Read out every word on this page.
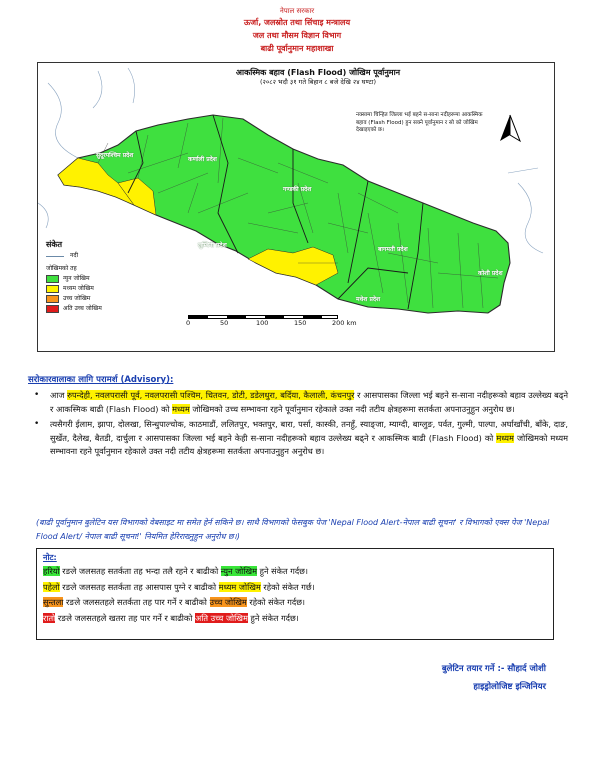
नेपाल सरकार
ऊर्जा, जलस्रोत तथा सिंचाइ मन्त्रालय
जल तथा मौसम विज्ञान विभाग
बाढी पूर्वानुमान महाशाखा
आकस्मिक बहाव (Flash Flood) जोखिम पूर्वानुमान
(२०८२ भदौ ३१ गते बिहान ८ बजे देखि २४ घण्टा)
नक्सामा चिन्हित जिल्ला भई बहने स-साना नदीहरूमा आकस्मिक बहाव (Flash Flood) हुन सक्ने पूर्वानुमान र सो को जोखिम देखाइएको छ।
सुदूरपश्चिम प्रदेश
कर्णाली प्रदेश
गण्डकी प्रदेश
लुम्बिनी प्रदेश
बागमती प्रदेश
मधेश प्रदेश
कोशी प्रदेश
संकेत
नदी
जोखिमको तह
न्युन जोखिम
मध्यम जोखिम
उच्च जोखिम
अति उच्च जोखिम
0	50	100	150	200 km
सरोकारवालाका लागि परामर्श (Advisory):
• आज रुपन्देही, नवलपरासी पूर्व, नवलपरासी पश्चिम, चितवन, डोटी, डडेलधुरा, बर्दिया, कैलाली, कंचनपुर र आसपासका जिल्ला भई बहने स-साना नदीहरूको बहाव उल्लेख्य बढ्ने र आकस्मिक बाढी (Flash Flood) को मध्यम जोखिमको उच्च सम्भावना रहने पूर्वानुमान रहेकाले उक्त नदी तटीय क्षेत्रहरूमा सतर्कता अपनाउनुहुन अनुरोध छ।
• त्यसैगरी ईलाम, झापा, दोलखा, सिन्धुपाल्चोक, काठमाडौं, ललितपुर, भक्तपुर, बारा, पर्सा, कास्की, तनहुँ, स्याङ्जा, म्याग्दी, बाग्लुङ, पर्वत, गुल्मी, पाल्पा, अर्घाखाँची, बाँके, दाङ, सुर्खेत, दैलेख, बैतडी, दार्चुला र आसपासका जिल्ला भई बहने केही स-साना नदीहरूको बहाव उल्लेख्य बढ्ने र आकस्मिक बाढी (Flash Flood) को मध्यम जोखिमको मध्यम सम्भावना रहने पूर्वानुमान रहेकाले उक्त नदी तटीय क्षेत्रहरूमा सतर्कता अपनाउनुहुन अनुरोध छ।
(बाढी पूर्वानुमान बुलेटिन यस विभागको वेबसाइट मा समेत हेर्न सकिने छ। साथै विभागको फेसबुक पेज 'Nepal Flood Alert-नेपाल बाढी सूचना' र विभागको एक्स पेज 'Nepal Flood Alert/ नेपाल बाढी सूचना!' नियमित हेरिराख्नुहुन अनुरोध छ।)
नोट:
हरियो रङले जलसतह सतर्कता तह भन्दा तलै रहने र बाढीको न्युन जोखिम हुने संकेत गर्दछ।
पहेलो रङले जलसतह सतर्कता तह आसपास पुग्ने र बाढीको मध्यम जोखिम रहेको संकेत गर्छ।
सुन्तला रङले जलसतहले सतर्कता तह पार गर्ने र बाढीको उच्च जोखिम रहेको संकेत गर्दछ।
रातो रङले जलसतहले खतरा तह पार गर्ने र बाढीको अति उच्च जोखिम हुने संकेत गर्दछ।
बुलेटिन तयार गर्ने :- सौहार्द जोशी
हाइड्रोलोजिष्ट इन्जिनियर
